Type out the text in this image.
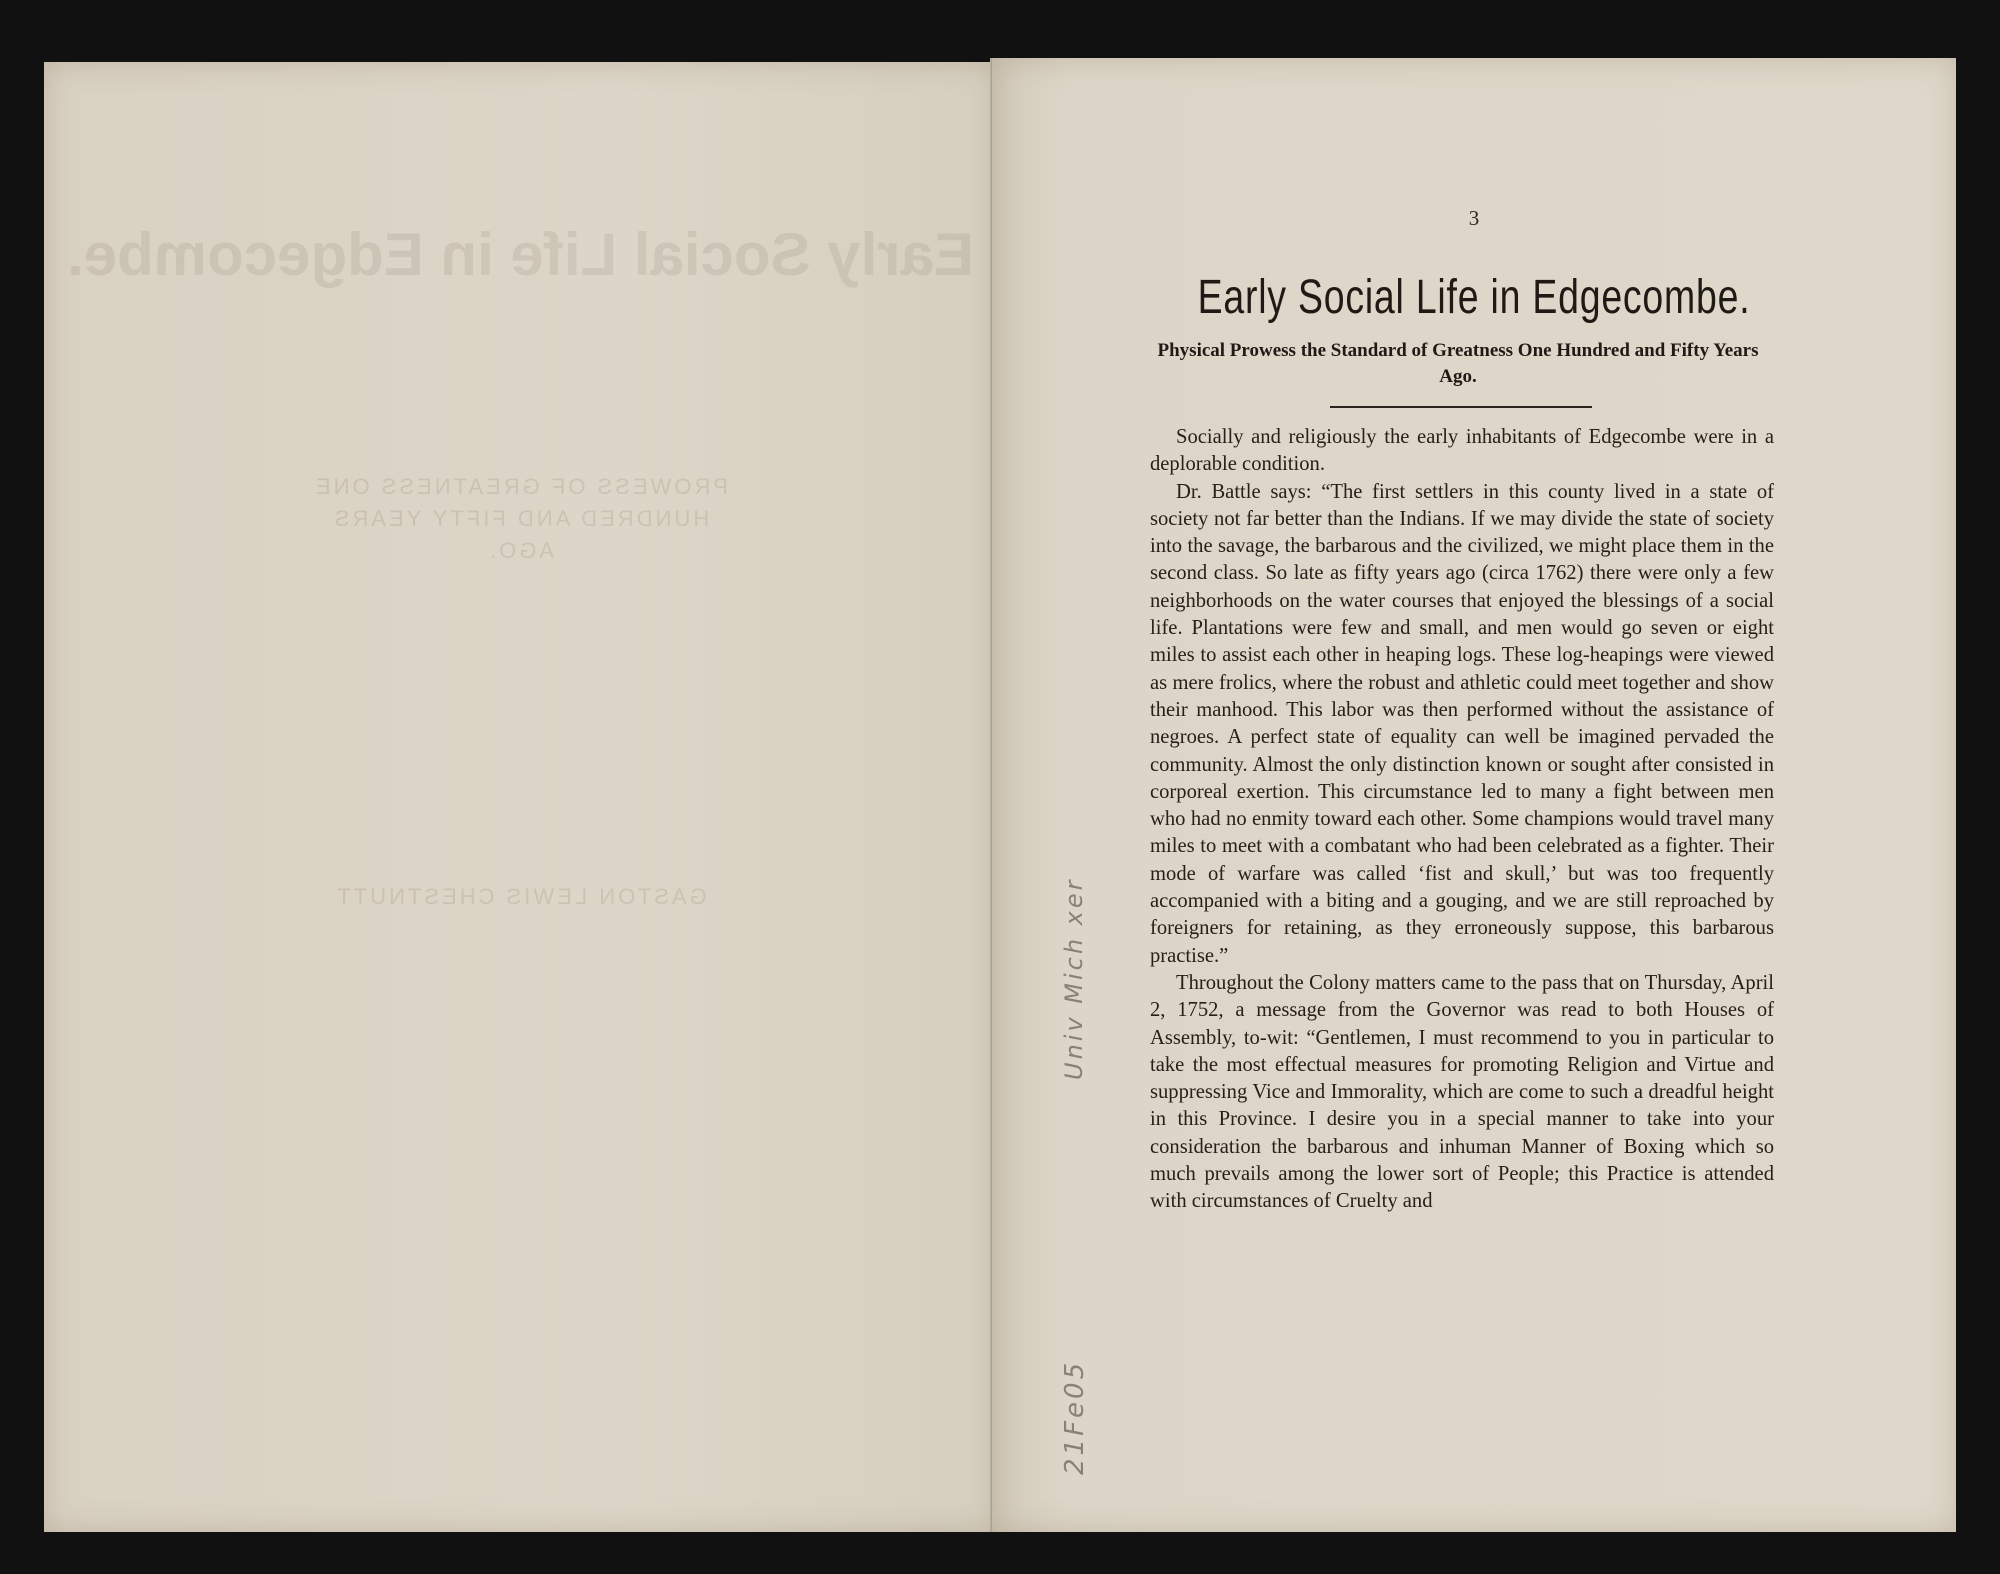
Early Social Life in Edgecombe.
PROWESS OF GREATNESS ONE
HUNDRED AND FIFTY YEARS
AGO.
GASTON LEWIS CHESTNUTT
3
Early Social Life in Edgecombe.
Physical Prowess the Standard of Greatness One Hundred and Fifty Years Ago.

Socially and religiously the early inhabitants of Edgecombe were in a deplorable condition.

Dr. Battle says: “The first settlers in this county lived in a state of society not far better than the Indians. If we may divide the state of society into the savage, the barbarous and the civilized, we might place them in the second class. So late as fifty years ago (circa 1762) there were only a few neighborhoods on the water courses that enjoyed the blessings of a social life. Plantations were few and small, and men would go seven or eight miles to assist each other in heaping logs. These log-heapings were viewed as mere frolics, where the robust and athletic could meet together and show their manhood. This labor was then performed without the assistance of negroes. A perfect state of equality can well be imagined pervaded the community. Almost the only distinction known or sought after consisted in corporeal exertion. This circumstance led to many a fight between men who had no enmity toward each other. Some champions would travel many miles to meet with a combatant who had been celebrated as a fighter. Their mode of warfare was called ‘fist and skull,’ but was too frequently accompanied with a biting and a gouging, and we are still reproached by foreigners for retaining, as they erroneously suppose, this barbarous practise.”

Throughout the Colony matters came to the pass that on Thursday, April 2, 1752, a message from the Governor was read to both Houses of Assembly, to-wit: “Gentlemen, I must recommend to you in particular to take the most effectual measures for promoting Religion and Virtue and suppressing Vice and Immorality, which are come to such a dreadful height in this Province. I desire you in a special manner to take into your consideration the barbarous and inhuman Manner of Boxing which so much prevails among the lower sort of People; this Practice is attended with circumstances of Cruelty and

Univ Mich xer
21Fe05
